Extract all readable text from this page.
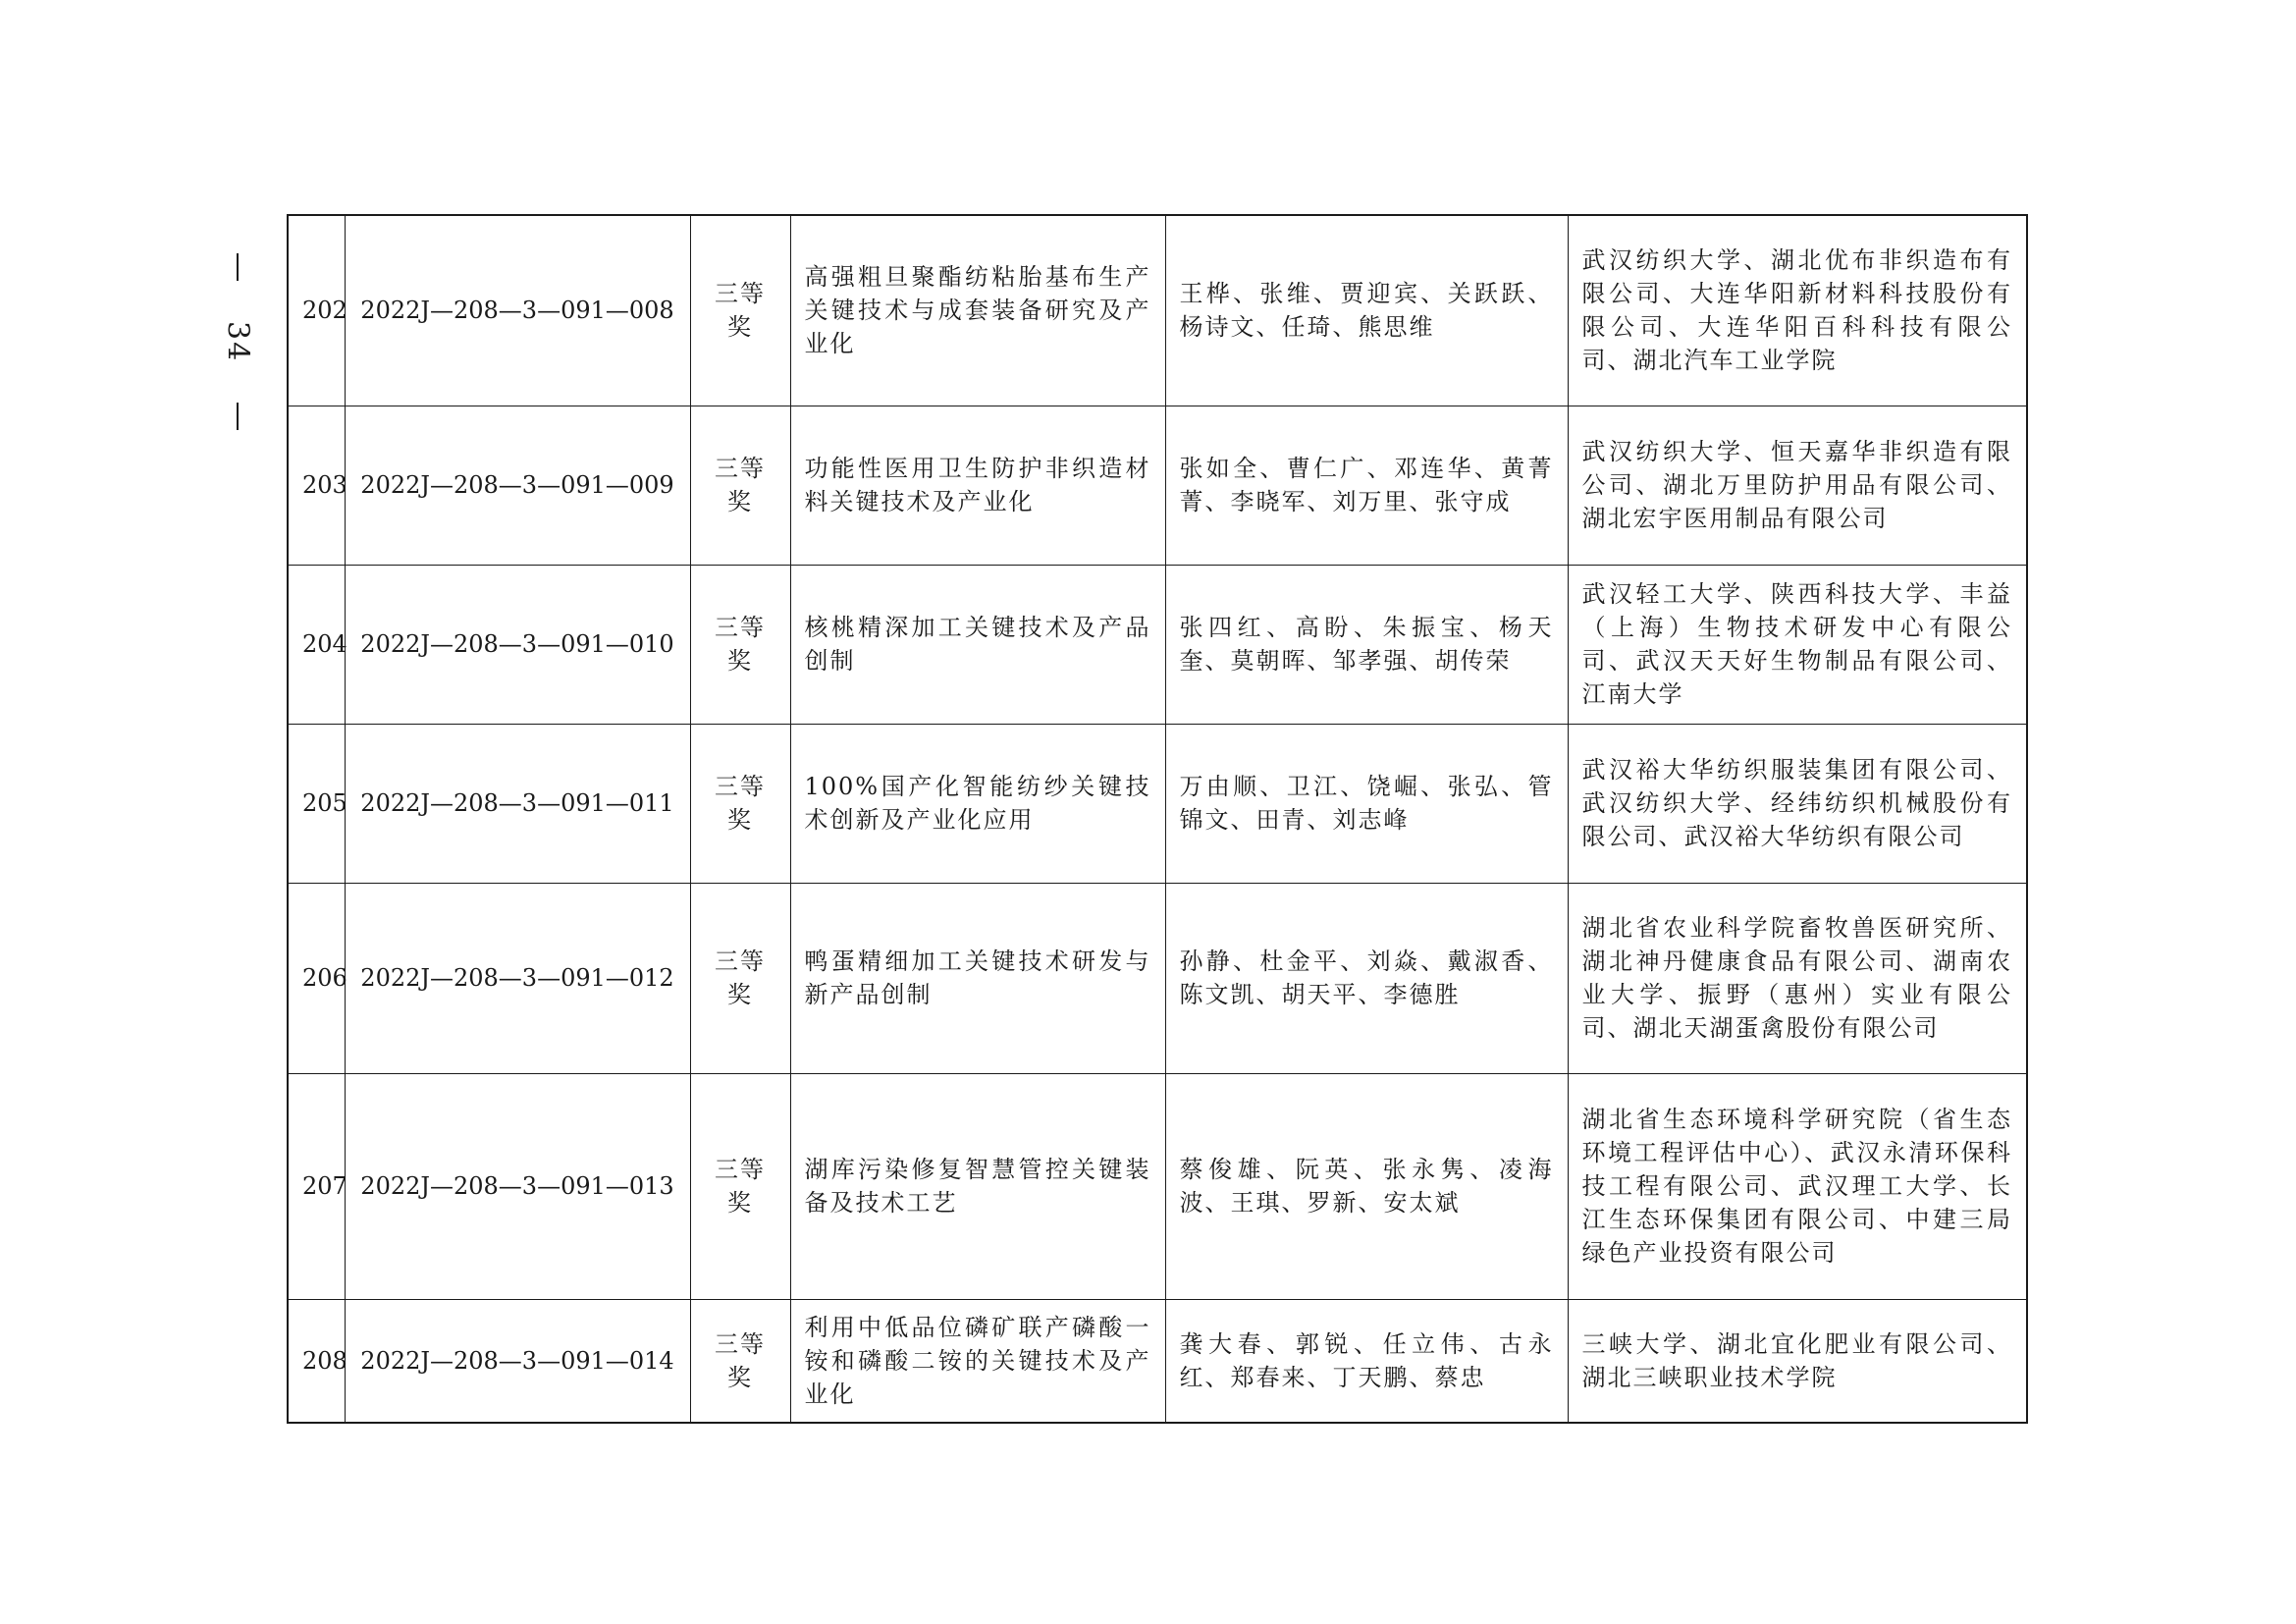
34
202	2022J—208—3—091—008	三等奖	高强粗旦聚酯纺粘胎基布生产关键技术与成套装备研究及产业化	王桦、张维、贾迎宾、关跃跃、杨诗文、任琦、熊思维	武汉纺织大学、湖北优布非织造布有限公司、大连华阳新材料科技股份有限公司、大连华阳百科科技有限公司、湖北汽车工业学院
203	2022J—208—3—091—009	三等奖	功能性医用卫生防护非织造材料关键技术及产业化	张如全、曹仁广、邓连华、黄菁菁、李晓军、刘万里、张守成	武汉纺织大学、恒天嘉华非织造有限公司、湖北万里防护用品有限公司、湖北宏宇医用制品有限公司
204	2022J—208—3—091—010	三等奖	核桃精深加工关键技术及产品创制	张四红、高盼、朱振宝、杨天奎、莫朝晖、邹孝强、胡传荣	武汉轻工大学、陕西科技大学、丰益（上海）生物技术研发中心有限公司、武汉天天好生物制品有限公司、江南大学
205	2022J—208—3—091—011	三等奖	100%国产化智能纺纱关键技术创新及产业化应用	万由顺、卫江、饶崛、张弘、管锦文、田青、刘志峰	武汉裕大华纺织服装集团有限公司、武汉纺织大学、经纬纺织机械股份有限公司、武汉裕大华纺织有限公司
206	2022J—208—3—091—012	三等奖	鸭蛋精细加工关键技术研发与新产品创制	孙静、杜金平、刘焱、戴淑香、陈文凯、胡天平、李德胜	湖北省农业科学院畜牧兽医研究所、湖北神丹健康食品有限公司、湖南农业大学、振野（惠州）实业有限公司、湖北天湖蛋禽股份有限公司
207	2022J—208—3—091—013	三等奖	湖库污染修复智慧管控关键装备及技术工艺	蔡俊雄、阮英、张永隽、凌海波、王琪、罗新、安太斌	湖北省生态环境科学研究院（省生态环境工程评估中心）、武汉永清环保科技工程有限公司、武汉理工大学、长江生态环保集团有限公司、中建三局绿色产业投资有限公司
208	2022J—208—3—091—014	三等奖	利用中低品位磷矿联产磷酸一铵和磷酸二铵的关键技术及产业化	龚大春、郭锐、任立伟、古永红、郑春来、丁天鹏、蔡忠	三峡大学、湖北宜化肥业有限公司、湖北三峡职业技术学院
